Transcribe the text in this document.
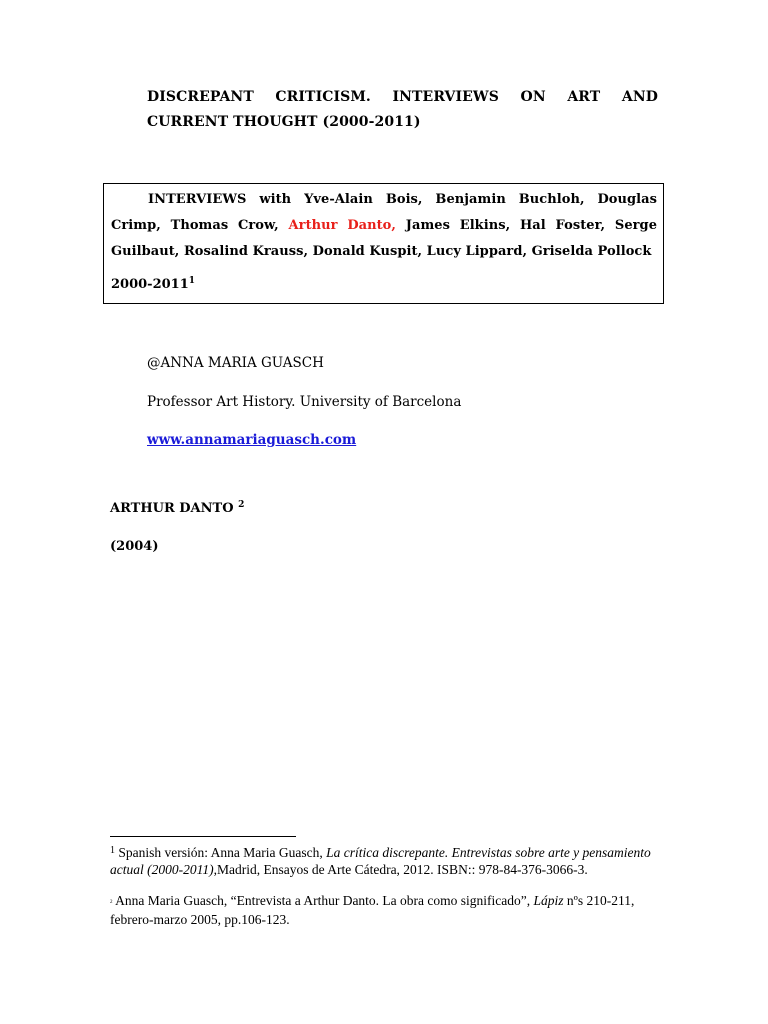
DISCREPANT CRITICISM. INTERVIEWS ON ART AND CURRENT THOUGHT (2000-2011)
INTERVIEWS with Yve-Alain Bois, Benjamin Buchloh, Douglas Crimp, Thomas Crow, Arthur Danto, James Elkins, Hal Foster, Serge Guilbaut, Rosalind Krauss, Donald Kuspit, Lucy Lippard, Griselda Pollock
2000-2011$^1$
@ANNA MARIA GUASCH
Professor Art History. University of Barcelona
www.annamariaguasch.com
ARTHUR DANTO $^2$
(2004)
$^1$ Spanish versión: Anna Maria Guasch, La crítica discrepante. Entrevistas sobre arte y pensamiento actual (2000-2011),Madrid, Ensayos de Arte Cátedra, 2012. ISBN:: 978-84-376-3066-3.
$^2$ Anna Maria Guasch, “Entrevista a Arthur Danto. La obra como significado”, Lápiz nºs 210-211, febrero-marzo 2005, pp.106-123.
